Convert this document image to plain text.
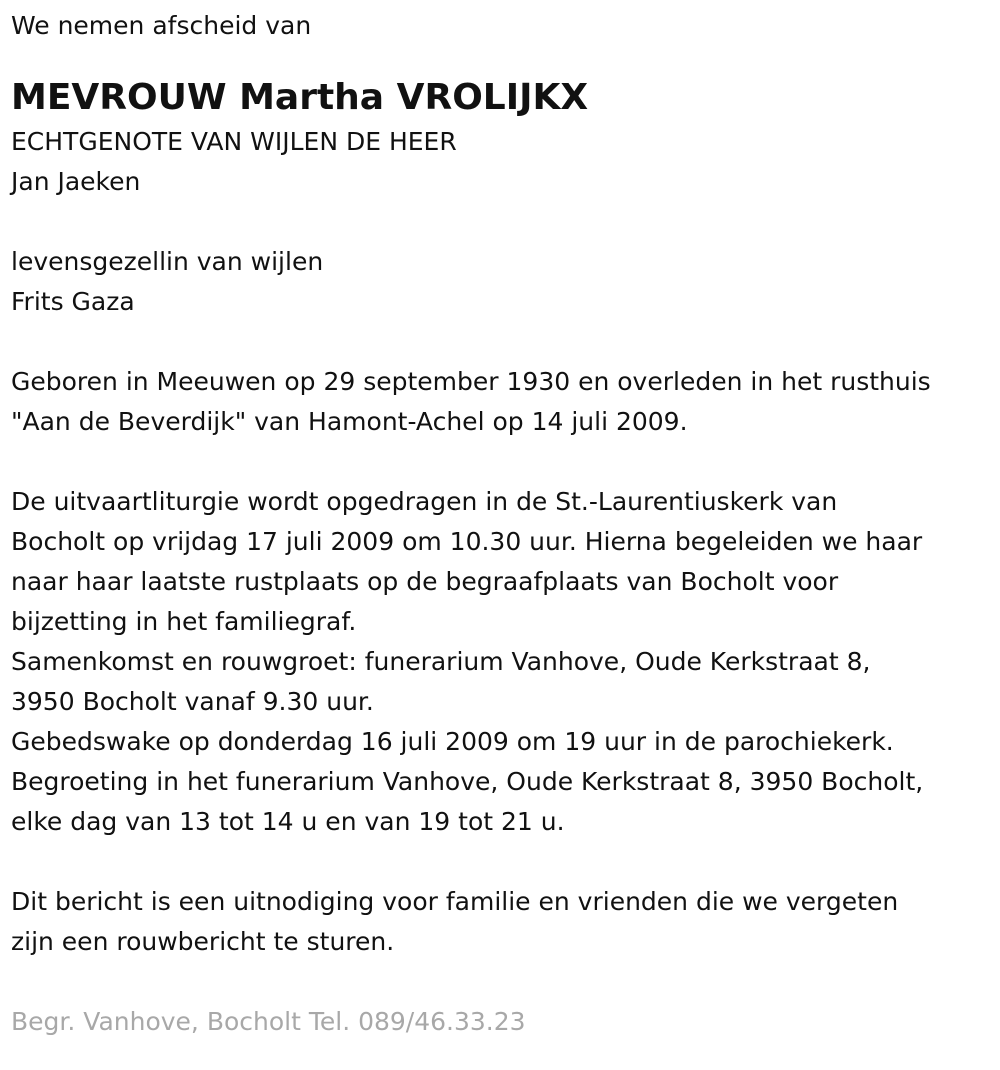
We nemen afscheid van

MEVROUW Martha VROLIJKX

ECHTGENOTE VAN WIJLEN DE HEER

Jan Jaeken

levensgezellin van wijlen

Frits Gaza

Geboren in Meeuwen op 29 september 1930 en overleden in het rusthuis

"Aan de Beverdijk" van Hamont-Achel op 14 juli 2009.

De uitvaartliturgie wordt opgedragen in de St.-Laurentiuskerk van

Bocholt op vrijdag 17 juli 2009 om 10.30 uur. Hierna begeleiden we haar

naar haar laatste rustplaats op de begraafplaats van Bocholt voor

bijzetting in het familiegraf.

Samenkomst en rouwgroet: funerarium Vanhove, Oude Kerkstraat 8,

3950 Bocholt vanaf 9.30 uur.

Gebedswake op donderdag 16 juli 2009 om 19 uur in de parochiekerk.

Begroeting in het funerarium Vanhove, Oude Kerkstraat 8, 3950 Bocholt,

elke dag van 13 tot 14 u en van 19 tot 21 u.

Dit bericht is een uitnodiging voor familie en vrienden die we vergeten

zijn een rouwbericht te sturen.

Begr. Vanhove, Bocholt Tel. 089/46.33.23
